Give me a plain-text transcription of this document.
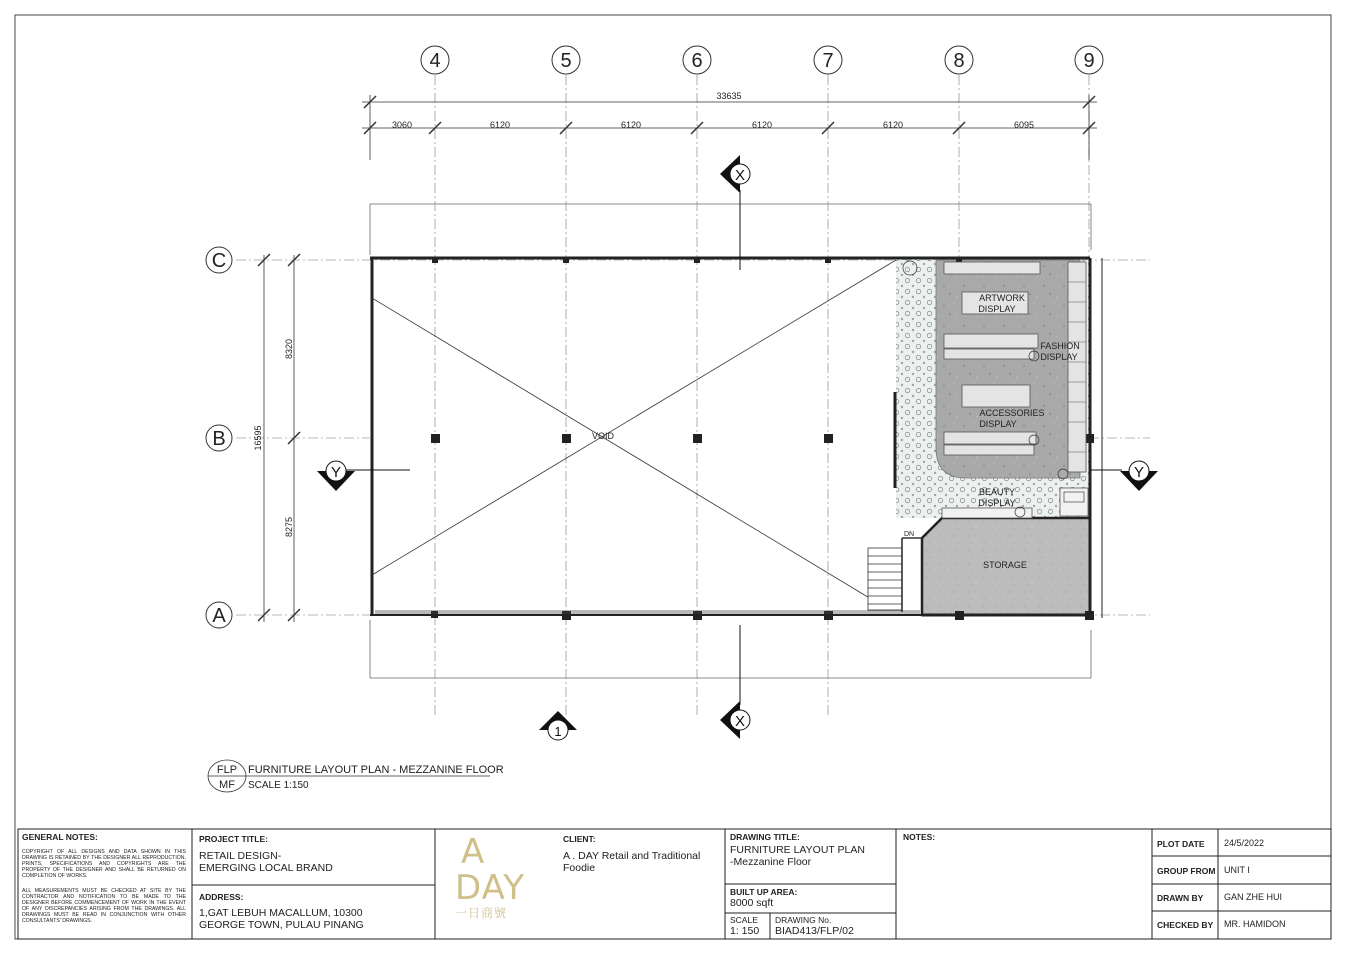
4	5	6	7	8	9
C
B
A
33635
3060	6120	6120	6120	6120	6095
16595
8320
8275
VOID
ARTWORK
DISPLAY
FASHION
DISPLAY
ACCESSORIES
DISPLAY
BEAUTY
DISPLAY
STORAGE
DN
X
X
Y	Y
1
FLP
MF
FURNITURE LAYOUT PLAN - MEZZANINE FLOOR
SCALE 1:150
GENERAL NOTES:
COPYRIGHT OF ALL DESIGNS AND DATA SHOWN IN THIS DRAWING IS RETAINED BY THE DESIGNER ALL REPRODUCTION, PRINTS, SPECIFICATIONS AND COPYRIGHTS ARE THE PROPERTY OF THE DESIGNER AND SHALL BE RETURNED ON COMPLETION OF WORKS.
ALL MEASUREMENTS MUST BE CHECKED AT SITE BY THE CONTRACTOR AND NOTIFICATION TO BE MADE TO THE DESIGNER BEFORE COMMENCEMENT OF WORK IN THE EVENT OF ANY DISCREPANCIES ARISING FROM THE DRAWINGS. ALL DRAWINGS MUST BE READ IN CONJUNCTION WITH OTHER CONSULTANTS' DRAWINGS.
PROJECT TITLE:
RETAIL DESIGN-
EMERGING LOCAL BRAND
ADDRESS:
1,GAT LEBUH MACALLUM, 10300
GEORGE TOWN, PULAU PINANG
A
DAY
一日商號
CLIENT:
A . DAY Retail and Traditional
Foodie
DRAWING TITLE:
FURNITURE LAYOUT PLAN
-Mezzanine Floor
BUILT UP AREA:
8000 sqft
SCALE
1: 150
DRAWING No.
BIAD413/FLP/02
NOTES:
PLOT DATE 24/5/2022
GROUP FROM UNIT I
DRAWN BY GAN ZHE HUI
CHECKED BY MR. HAMIDON
